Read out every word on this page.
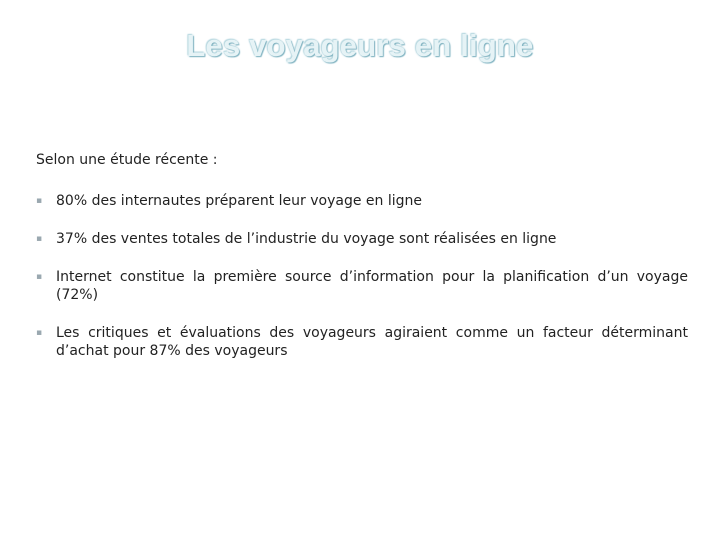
Les voyageurs en ligne

Selon une étude récente :

▪ 80% des internautes préparent leur voyage en ligne
▪ 37% des ventes totales de l’industrie du voyage sont réalisées en ligne
▪ Internet constitue la première source d’information pour la planification d’un voyage (72%)
▪ Les critiques et évaluations des voyageurs agiraient comme un facteur déterminant d’achat pour 87% des voyageurs
